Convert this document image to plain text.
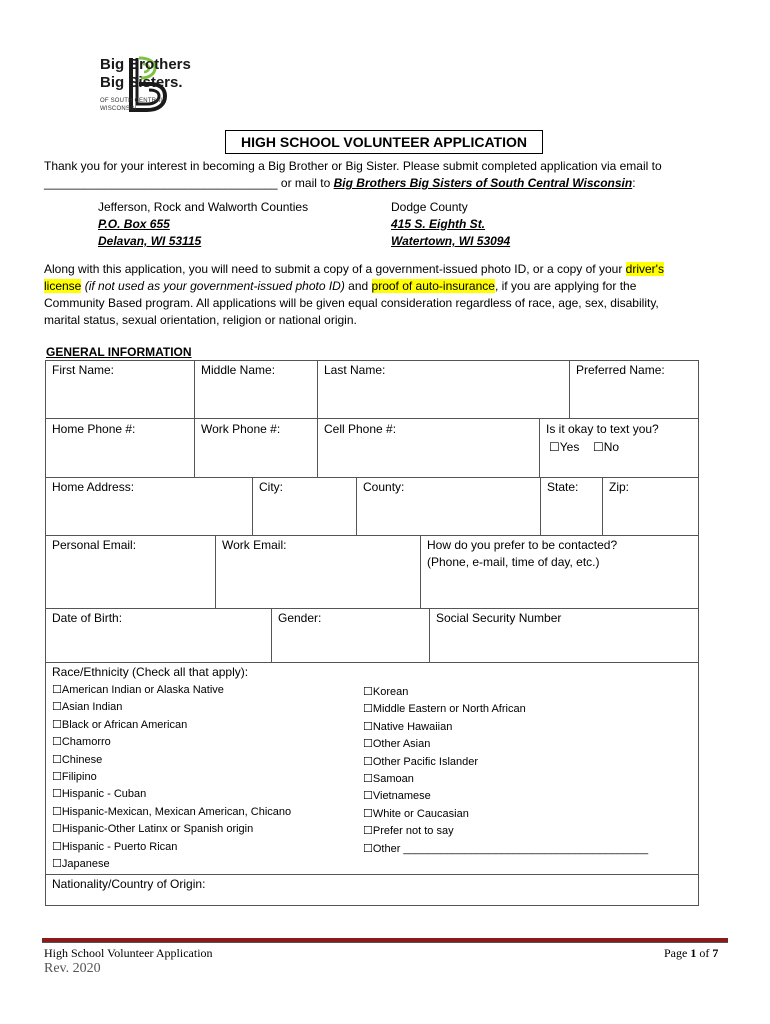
Big Brothers
Big Sisters.
OF SOUTH CENTRAL
WISCONSIN
HIGH SCHOOL VOLUNTEER APPLICATION
Thank you for your interest in becoming a Big Brother or Big Sister. Please submit completed application via email to
___________________________________ or mail to Big Brothers Big Sisters of South Central Wisconsin:
Jefferson, Rock and Walworth Counties
P.O. Box 655
Delavan, WI 53115
Dodge County
415 S. Eighth St.
Watertown, WI 53094
Along with this application, you will need to submit a copy of a government-issued photo ID, or a copy of your driver's
license (if not used as your government-issued photo ID) and proof of auto-insurance, if you are applying for the
Community Based program. All applications will be given equal consideration regardless of race, age, sex, disability,
marital status, sexual orientation, religion or national origin.
GENERAL INFORMATION
First Name:	Middle Name:	Last Name:	Preferred Name:
Home Phone #:	Work Phone #:	Cell Phone #:	Is it okay to text you?
☐Yes ☐No
Home Address:	City:	County:	State:	Zip:
Personal Email:	Work Email:	How do you prefer to be contacted?
(Phone, e-mail, time of day, etc.)
Date of Birth:	Gender:	Social Security Number
Race/Ethnicity (Check all that apply):
☐American Indian or Alaska Native
☐Asian Indian
☐Black or African American
☐Chamorro
☐Chinese
☐Filipino
☐Hispanic - Cuban
☐Hispanic-Mexican, Mexican American, Chicano
☐Hispanic-Other Latinx or Spanish origin
☐Hispanic - Puerto Rican
☐Japanese
☐Korean
☐Middle Eastern or North African
☐Native Hawaiian
☐Other Asian
☐Other Pacific Islander
☐Samoan
☐Vietnamese
☐White or Caucasian
☐Prefer not to say
☐Other ________________________________________
Nationality/Country of Origin:
High School Volunteer Application	Page 1 of 7
Rev. 2020
